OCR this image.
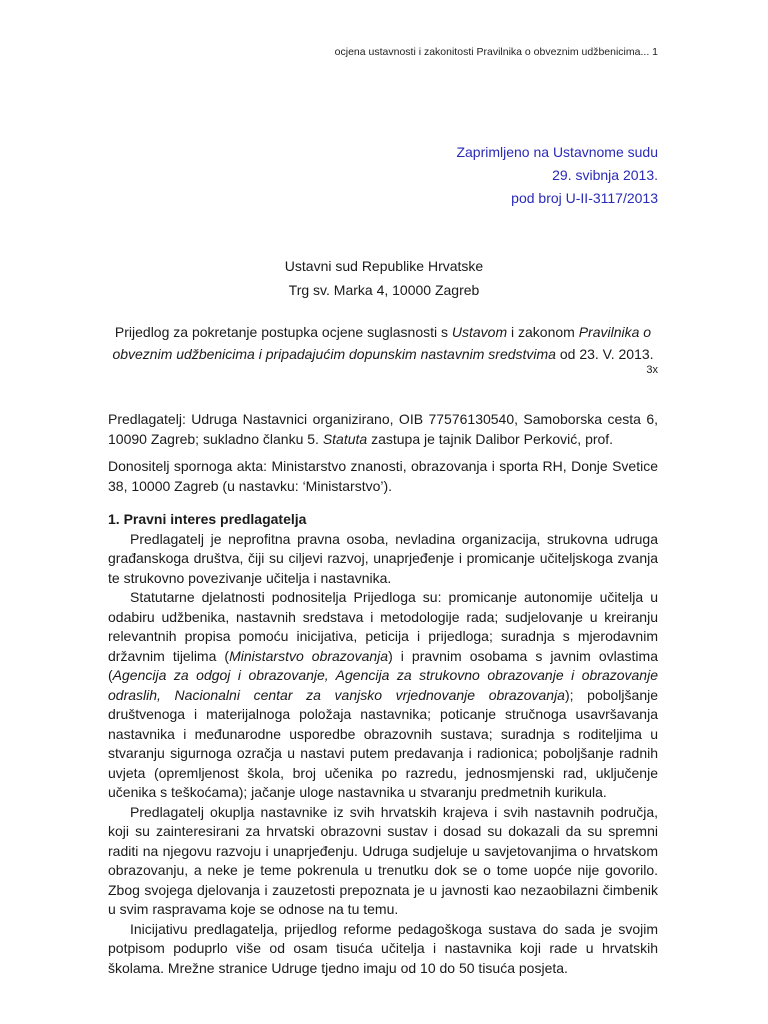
ocjena ustavnosti i zakonitosti Pravilnika o obveznim udžbenicima... 1
Zaprimljeno na Ustavnome sudu
29. svibnja 2013.
pod broj U-II-3117/2013
Ustavni sud Republike Hrvatske
Trg sv. Marka 4, 10000 Zagreb
Prijedlog za pokretanje postupka ocjene suglasnosti s Ustavom i zakonom Pravilnika o obveznim udžbenicima i pripadajućim dopunskim nastavnim sredstvima od 23. V. 2013.
3x

Predlagatelj: Udruga Nastavnici organizirano, OIB 77576130540, Samoborska cesta 6, 10090 Zagreb; sukladno članku 5. Statuta zastupa je tajnik Dalibor Perković, prof.

Donositelj spornoga akta: Ministarstvo znanosti, obrazovanja i sporta RH, Donje Svetice 38, 10000 Zagreb (u nastavku: ‘Ministarstvo’).

1. Pravni interes predlagatelja

Predlagatelj je neprofitna pravna osoba, nevladina organizacija, strukovna udruga građanskoga društva, čiji su ciljevi razvoj, unaprjeđenje i promicanje učiteljskoga zvanja te strukovno povezivanje učitelja i nastavnika.

Statutarne djelatnosti podnositelja Prijedloga su: promicanje autonomije učitelja u odabiru udžbenika, nastavnih sredstava i metodologije rada; sudjelovanje u kreiranju relevantnih propisa pomoću inicijativa, peticija i prijedloga; suradnja s mjerodavnim državnim tijelima (Ministarstvo obrazovanja) i pravnim osobama s javnim ovlastima (Agencija za odgoj i obrazovanje, Agencija za strukovno obrazovanje i obrazovanje odraslih, Nacionalni centar za vanjsko vrjednovanje obrazovanja); poboljšanje društvenoga i materijalnoga položaja nastavnika; poticanje stručnoga usavršavanja nastavnika i međunarodne usporedbe obrazovnih sustava; suradnja s roditeljima u stvaranju sigurnoga ozračja u nastavi putem predavanja i radionica; poboljšanje radnih uvjeta (opremljenost škola, broj učenika po razredu, jednosmjenski rad, uključenje učenika s teškoćama); jačanje uloge nastavnika u stvaranju predmetnih kurikula.

Predlagatelj okuplja nastavnike iz svih hrvatskih krajeva i svih nastavnih područja, koji su zainteresirani za hrvatski obrazovni sustav i dosad su dokazali da su spremni raditi na njegovu razvoju i unaprjeđenju. Udruga sudjeluje u savjetovanjima o hrvatskom obrazovanju, a neke je teme pokrenula u trenutku dok se o tome uopće nije govorilo. Zbog svojega djelovanja i zauzetosti prepoznata je u javnosti kao nezaobilazni čimbenik u svim raspravama koje se odnose na tu temu.

Inicijativu predlagatelja, prijedlog reforme pedagoškoga sustava do sada je svojim potpisom poduprlo više od osam tisuća učitelja i nastavnika koji rade u hrvatskih školama. Mrežne stranice Udruge tjedno imaju od 10 do 50 tisuća posjeta.
